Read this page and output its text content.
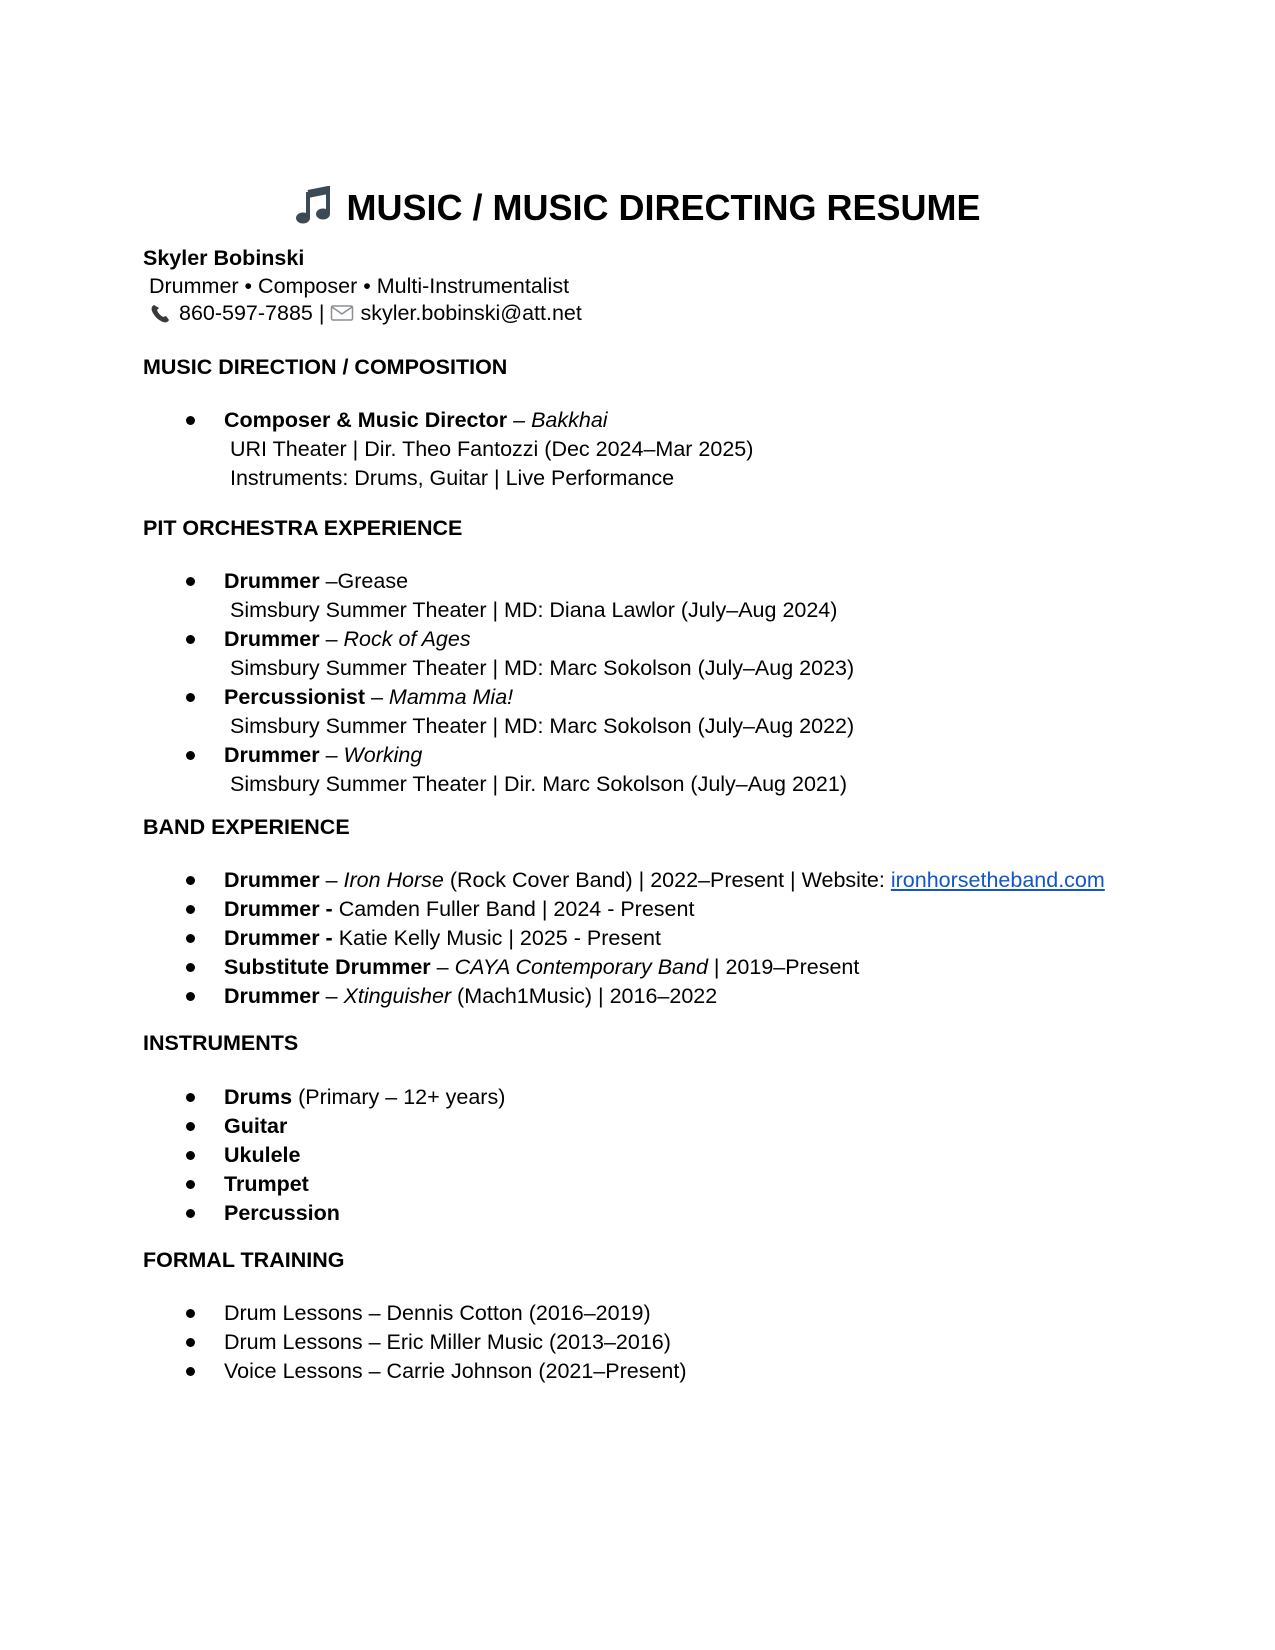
MUSIC / MUSIC DIRECTING RESUME
Skyler Bobinski
Drummer • Composer • Multi-Instrumentalist
860-597-7885 | skyler.bobinski@att.net
MUSIC DIRECTION / COMPOSITION
Composer & Music Director – Bakkhai
URI Theater | Dir. Theo Fantozzi (Dec 2024–Mar 2025)
Instruments: Drums, Guitar | Live Performance
PIT ORCHESTRA EXPERIENCE
Drummer –Grease
Simsbury Summer Theater | MD: Diana Lawlor (July–Aug 2024)
Drummer – Rock of Ages
Simsbury Summer Theater | MD: Marc Sokolson (July–Aug 2023)
Percussionist – Mamma Mia!
Simsbury Summer Theater | MD: Marc Sokolson (July–Aug 2022)
Drummer – Working
Simsbury Summer Theater | Dir. Marc Sokolson (July–Aug 2021)
BAND EXPERIENCE
Drummer – Iron Horse (Rock Cover Band) | 2022–Present | Website: ironhorsetheband.com
Drummer - Camden Fuller Band | 2024 - Present
Drummer - Katie Kelly Music | 2025 - Present
Substitute Drummer – CAYA Contemporary Band | 2019–Present
Drummer – Xtinguisher (Mach1Music) | 2016–2022
INSTRUMENTS
Drums (Primary – 12+ years)
Guitar
Ukulele
Trumpet
Percussion
FORMAL TRAINING
Drum Lessons – Dennis Cotton (2016–2019)
Drum Lessons – Eric Miller Music (2013–2016)
Voice Lessons – Carrie Johnson (2021–Present)
